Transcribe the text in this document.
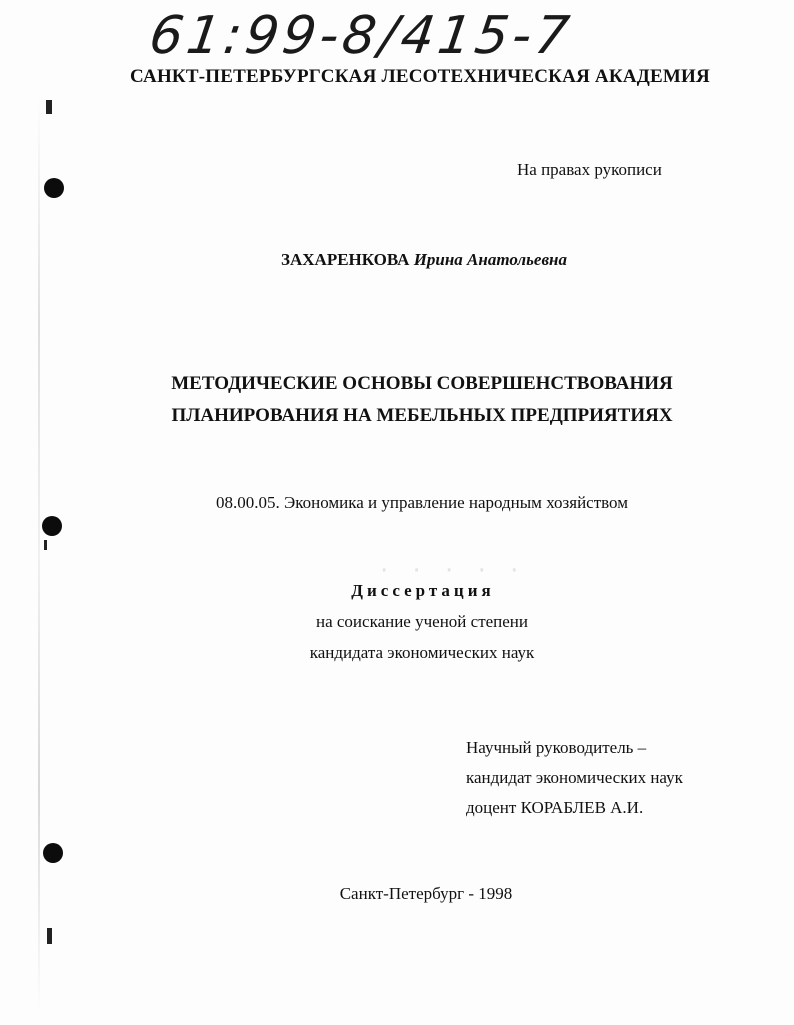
61:99-8/415-7
САНКТ-ПЕТЕРБУРГСКАЯ ЛЕСОТЕХНИЧЕСКАЯ АКАДЕМИЯ
На правах рукописи
ЗАХАРЕНКОВА Ирина Анатольевна
МЕТОДИЧЕСКИЕ ОСНОВЫ СОВЕРШЕНСТВОВАНИЯ
ПЛАНИРОВАНИЯ НА МЕБЕЛЬНЫХ ПРЕДПРИЯТИЯХ
08.00.05. Экономика и управление народным хозяйством
· · · · ·
Диссертация
на соискание ученой степени
кандидата экономических наук
Научный руководитель –
кандидат экономических наук
доцент КОРАБЛЕВ А.И.
Санкт-Петербург - 1998
